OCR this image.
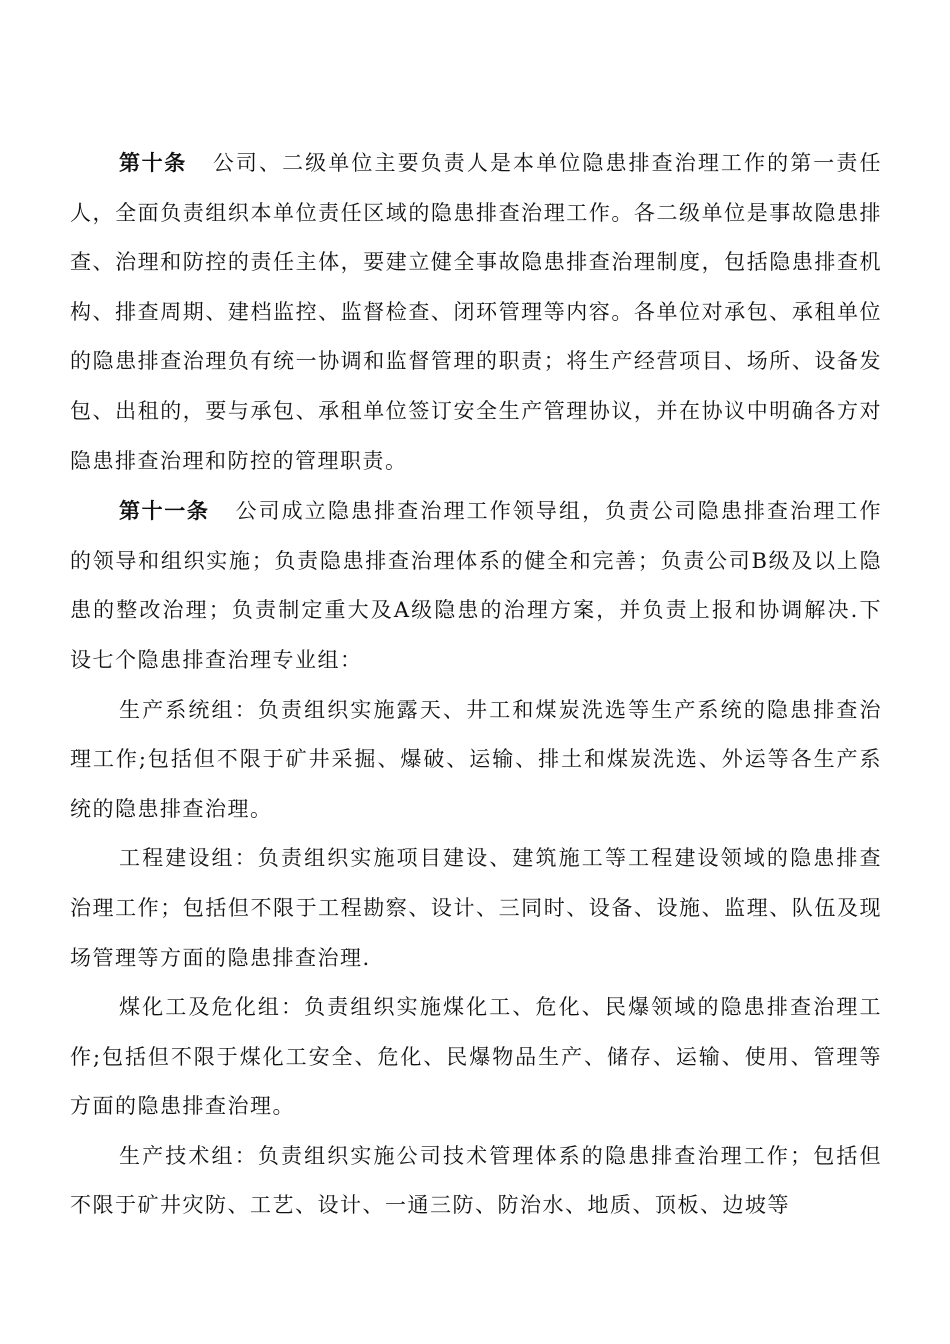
第十条 公司、二级单位主要负责人是本单位隐患排查治理工作的第一责任人，全面负责组织本单位责任区域的隐患排查治理工作。各二级单位是事故隐患排查、治理和防控的责任主体，要建立健全事故隐患排查治理制度，包括隐患排查机构、排查周期、建档监控、监督检查、闭环管理等内容。各单位对承包、承租单位的隐患排查治理负有统一协调和监督管理的职责；将生产经营项目、场所、设备发包、出租的，要与承包、承租单位签订安全生产管理协议，并在协议中明确各方对隐患排查治理和防控的管理职责。

第十一条 公司成立隐患排查治理工作领导组，负责公司隐患排查治理工作的领导和组织实施；负责隐患排查治理体系的健全和完善；负责公司B级及以上隐患的整改治理；负责制定重大及A级隐患的治理方案，并负责上报和协调解决.下设七个隐患排查治理专业组：

生产系统组：负责组织实施露天、井工和煤炭洗选等生产系统的隐患排查治理工作;包括但不限于矿井采掘、爆破、运输、排土和煤炭洗选、外运等各生产系统的隐患排查治理。

工程建设组：负责组织实施项目建设、建筑施工等工程建设领域的隐患排查治理工作；包括但不限于工程勘察、设计、三同时、设备、设施、监理、队伍及现场管理等方面的隐患排查治理.

煤化工及危化组：负责组织实施煤化工、危化、民爆领域的隐患排查治理工作;包括但不限于煤化工安全、危化、民爆物品生产、储存、运输、使用、管理等方面的隐患排查治理。

生产技术组：负责组织实施公司技术管理体系的隐患排查治理工作；包括但不限于矿井灾防、工艺、设计、一通三防、防治水、地质、顶板、边坡等
